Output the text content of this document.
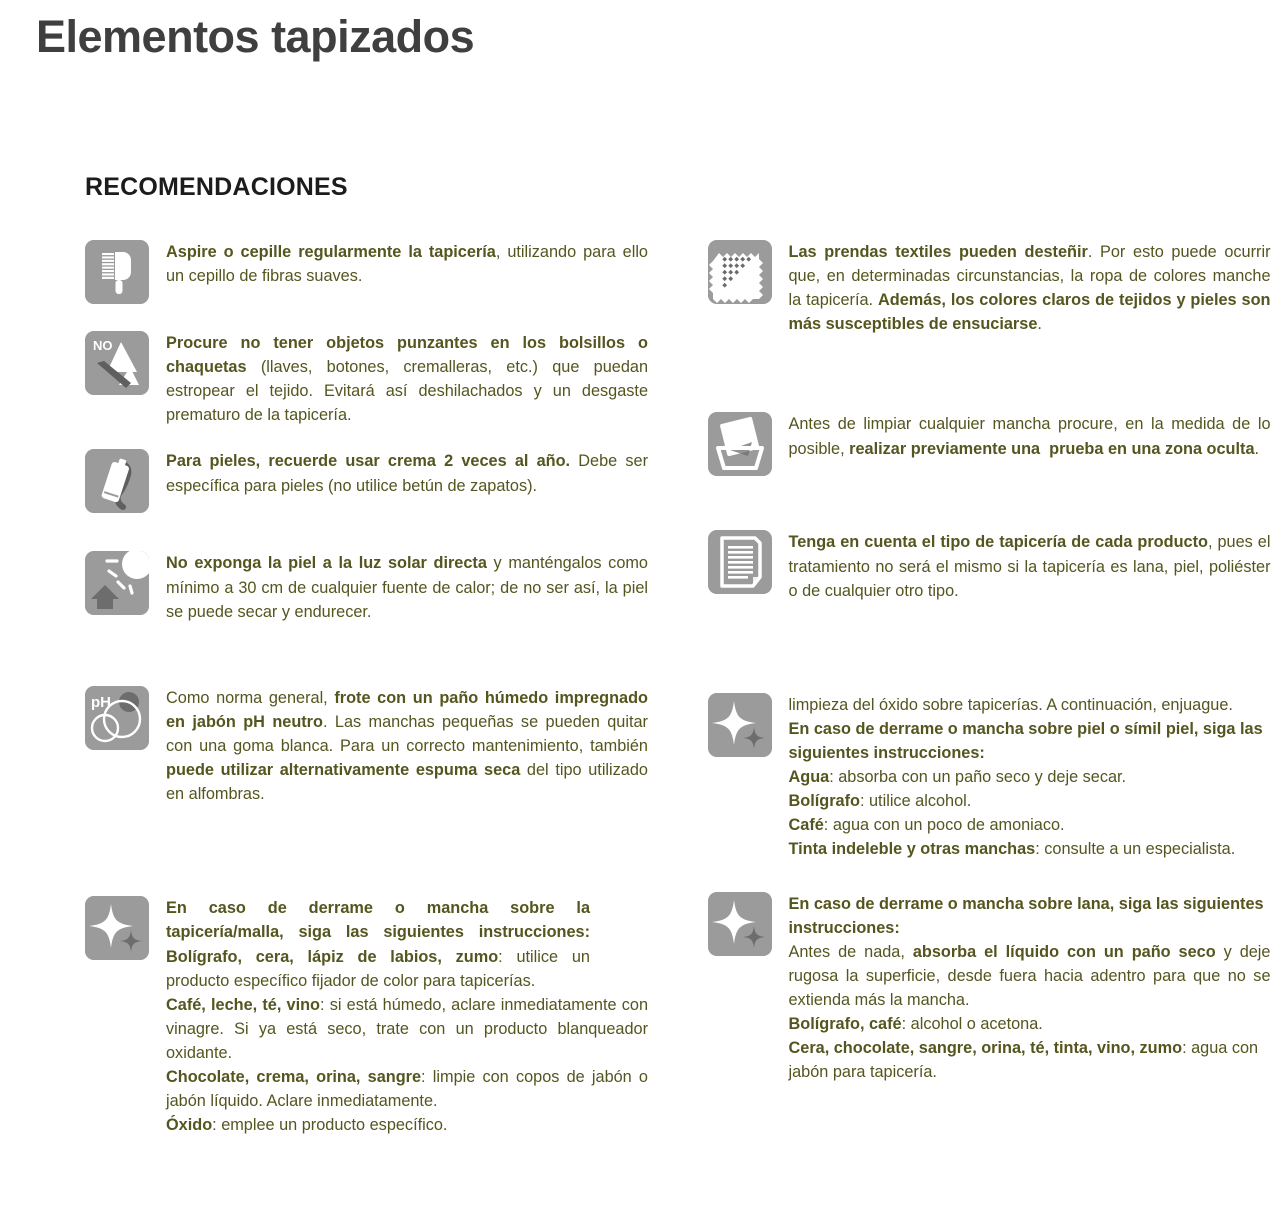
Elementos tapizados
RECOMENDACIONES
Aspire o cepille regularmente la tapicería, utilizando para ello un cepillo de fibras suaves.
NO	Procure no tener objetos punzantes en los bolsillos o chaquetas (llaves, botones, cremalleras, etc.) que puedan estropear el tejido. Evitará así deshilachados y un desgaste prematuro de la tapicería.
Para pieles, recuerde usar crema 2 veces al año. Debe ser específica para pieles (no utilice betún de zapatos).
No exponga la piel a la luz solar directa y manténgalos como mínimo a 30 cm de cualquier fuente de calor; de no ser así, la piel se puede secar y endurecer.
pH	Como norma general, frote con un paño húmedo impregnado en jabón pH neutro. Las manchas pequeñas se pueden quitar con una goma blanca. Para un correcto mantenimiento, también puede utilizar alternativamente espuma seca del tipo utilizado en alfombras.
En caso de derrame o mancha sobre la tapicería/malla, siga las siguientes instrucciones: Bolígrafo, cera, lápiz de labios, zumo: utilice un producto específico fijador de color para tapicerías.
Café, leche, té, vino: si está húmedo, aclare inmediatamente con vinagre. Si ya está seco, trate con un producto blanqueador oxidante.
Chocolate, crema, orina, sangre: limpie con copos de jabón o jabón líquido. Aclare inmediatamente.
Óxido: emplee un producto específico.
Las prendas textiles pueden desteñir. Por esto puede ocurrir que, en determinadas circunstancias, la ropa de colores manche la tapicería. Además, los colores claros de tejidos y pieles son más susceptibles de ensuciarse.
Antes de limpiar cualquier mancha procure, en la medida de lo posible, realizar previamente una  prueba en una zona oculta.
Tenga en cuenta el tipo de tapicería de cada producto, pues el tratamiento no será el mismo si la tapicería es lana, piel, poliéster o de cualquier otro tipo.
limpieza del óxido sobre tapicerías. A continuación, enjuague.
En caso de derrame o mancha sobre piel o símil piel, siga las siguientes instrucciones:
Agua: absorba con un paño seco y deje secar.
Bolígrafo: utilice alcohol.
Café: agua con un poco de amoniaco.
Tinta indeleble y otras manchas: consulte a un especialista.
En caso de derrame o mancha sobre lana, siga las siguientes instrucciones:
Antes de nada, absorba el líquido con un paño seco y deje rugosa la superficie, desde fuera hacia adentro para que no se extienda más la mancha.
Bolígrafo, café: alcohol o acetona.
Cera, chocolate, sangre, orina, té, tinta, vino, zumo: agua con jabón para tapicería.
